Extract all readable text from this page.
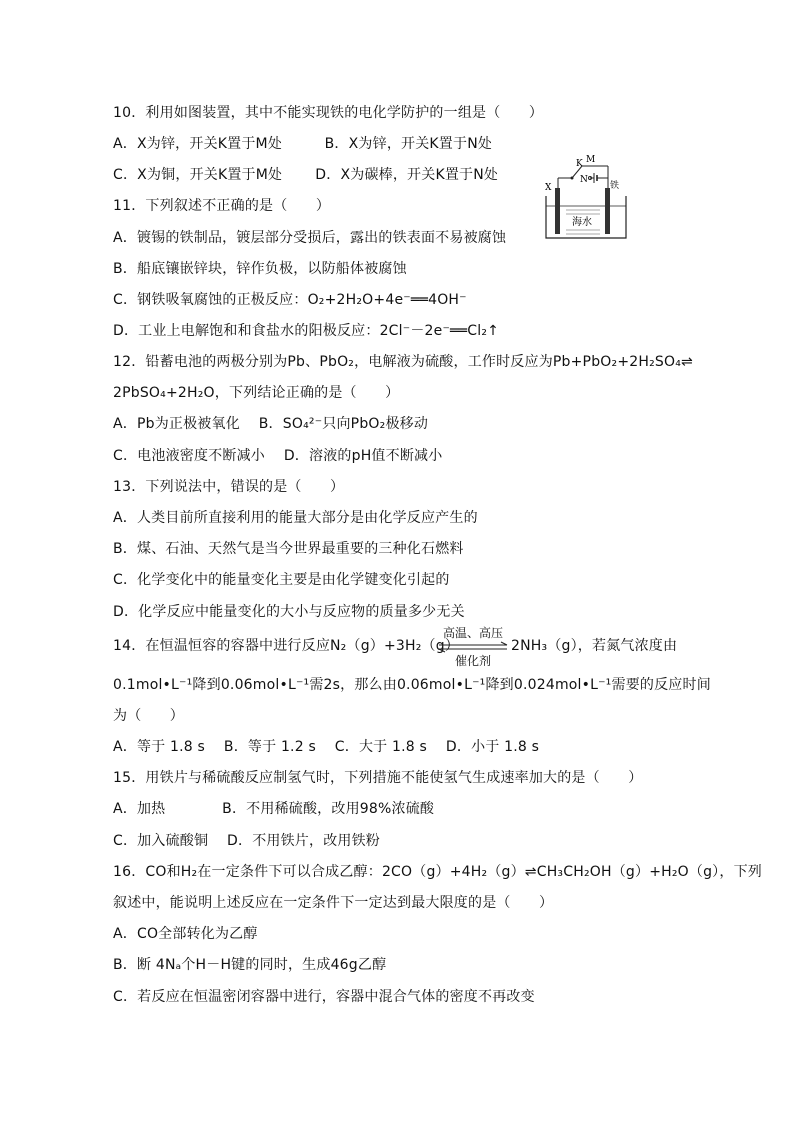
10．利用如图装置，其中不能实现铁的电化学防护的一组是（　　）
A．X为锌，开关K置于M处　　　B．X为锌，开关K置于N处
C．X为铜，开关K置于M处　　 D．X为碳棒，开关K置于N处
K M
N
X	铁
海水
11．下列叙述不正确的是（　　）
A．镀锡的铁制品，镀层部分受损后，露出的铁表面不易被腐蚀
B．船底镶嵌锌块，锌作负极，以防船体被腐蚀
C．钢铁吸氧腐蚀的正极反应：O₂+2H₂O+4e⁻══4OH⁻
D．工业上电解饱和和食盐水的阳极反应：2Cl⁻－2e⁻══Cl₂↑
12．铅蓄电池的两极分别为Pb、PbO₂，电解液为硫酸，工作时反应为Pb+PbO₂+2H₂SO₄⇌
2PbSO₄+2H₂O，下列结论正确的是（　　）
A．Pb为正极被氧化　 B．SO₄²⁻只向PbO₂极移动
C．电池液密度不断减小　 D．溶液的pH值不断减小
13．下列说法中，错误的是（　　）
A．人类目前所直接利用的能量大部分是由化学反应产生的
B．煤、石油、天然气是当今世界最重要的三种化石燃料
C．化学变化中的能量变化主要是由化学键变化引起的
D．化学反应中能量变化的大小与反应物的质量多少无关
14．在恒温恒容的容器中进行反应N₂（g）+3H₂（g）
高温、高压
催化剂
2NH₃（g），若氮气浓度由
0.1mol•L⁻¹降到0.06mol•L⁻¹需2s，那么由0.06mol•L⁻¹降到0.024mol•L⁻¹需要的反应时间
为（　　）
A．等于 1.8 s　 B．等于 1.2 s　 C．大于 1.8 s　 D．小于 1.8 s
15．用铁片与稀硫酸反应制氢气时，下列措施不能使氢气生成速率加大的是（　　）
A．加热　　　　B．不用稀硫酸，改用98%浓硫酸
C．加入硫酸铜　 D．不用铁片，改用铁粉
16．CO和H₂在一定条件下可以合成乙醇：2CO（g）+4H₂（g）⇌CH₃CH₂OH（g）+H₂O（g），下列
叙述中，能说明上述反应在一定条件下一定达到最大限度的是（　　）
A．CO全部转化为乙醇
B．断 4Nₐ个H－H键的同时，生成46g乙醇
C．若反应在恒温密闭容器中进行，容器中混合气体的密度不再改变
